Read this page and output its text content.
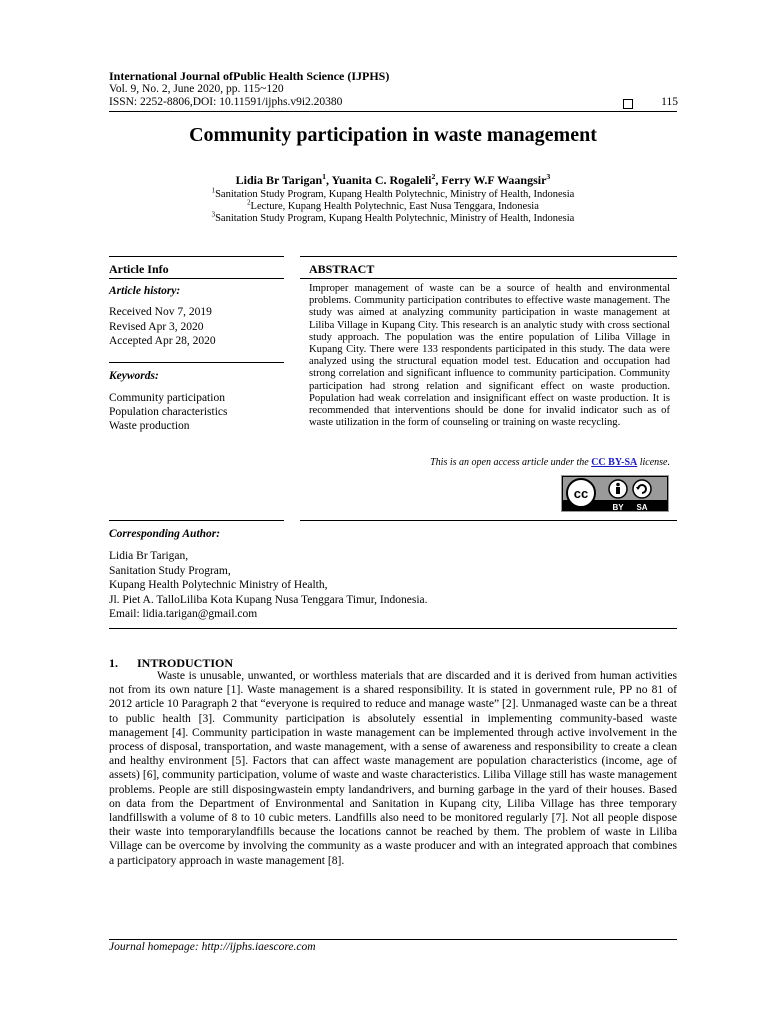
International Journal ofPublic Health Science (IJPHS)
Vol. 9, No. 2, June 2020, pp. 115~120
ISSN: 2252-8806,DOI: 10.11591/ijphs.v9i2.20380	115
Community participation in waste management
Lidia Br Tarigan$^1$, Yuanita C. Rogaleli$^2$, Ferry W.F Waangsir$^3$
$^1$Sanitation Study Program, Kupang Health Polytechnic, Ministry of Health, Indonesia
$^2$Lecture, Kupang Health Polytechnic, East Nusa Tenggara, Indonesia
$^3$Sanitation Study Program, Kupang Health Polytechnic, Ministry of Health, Indonesia
Article Info
Article history:
Received Nov 7, 2019
Revised Apr 3, 2020
Accepted Apr 28, 2020
Keywords:
Community participation
Population characteristics
Waste production
ABSTRACT
Improper management of waste can be a source of health and environmental problems. Community participation contributes to effective waste management. The study was aimed at analyzing community participation in waste management at Liliba Village in Kupang City. This research is an analytic study with cross sectional study approach. The population was the entire population of Liliba Village in Kupang City. There were 133 respondents participated in this study. The data were analyzed using the structural equation model test. Education and occupation had strong correlation and significant influence to community participation. Community participation had strong relation and significant effect on waste production. Population had weak correlation and insignificant effect on waste production. It is recommended that interventions should be done for invalid indicator such as of waste utilization in the form of counseling or training on waste recycling.
This is an open access article under the CC BY-SA license.
cc
BY SA
Corresponding Author:
Lidia Br Tarigan,
Sanitation Study Program,
Kupang Health Polytechnic Ministry of Health,
Jl. Piet A. TalloLiliba Kota Kupang Nusa Tenggara Timur, Indonesia.
Email: lidia.tarigan@gmail.com
1. INTRODUCTION
Waste is unusable, unwanted, or worthless materials that are discarded and it is derived from human activities not from its own nature [1]. Waste management is a shared responsibility. It is stated in government rule, PP no 81 of 2012 article 10 Paragraph 2 that “everyone is required to reduce and manage waste” [2]. Unmanaged waste can be a threat to public health [3]. Community participation is absolutely essential in implementing community-based waste management [4]. Community participation in waste management can be implemented through active involvement in the process of disposal, transportation, and waste management, with a sense of awareness and responsibility to create a clean and healthy environment [5]. Factors that can affect waste management are population characteristics (income, age of assets) [6], community participation, volume of waste and waste characteristics. Liliba Village still has waste management problems. People are still disposingwastein empty landandrivers, and burning garbage in the yard of their houses. Based on data from the Department of Environmental and Sanitation in Kupang city, Liliba Village has three temporary landfillswith a volume of 8 to 10 cubic meters. Landfills also need to be monitored regularly [7]. Not all people dispose their waste into temporarylandfills because the locations cannot be reached by them. The problem of waste in Liliba Village can be overcome by involving the community as a waste producer and with an integrated approach that combines a participatory approach in waste management [8].
Journal homepage: http://ijphs.iaescore.com
